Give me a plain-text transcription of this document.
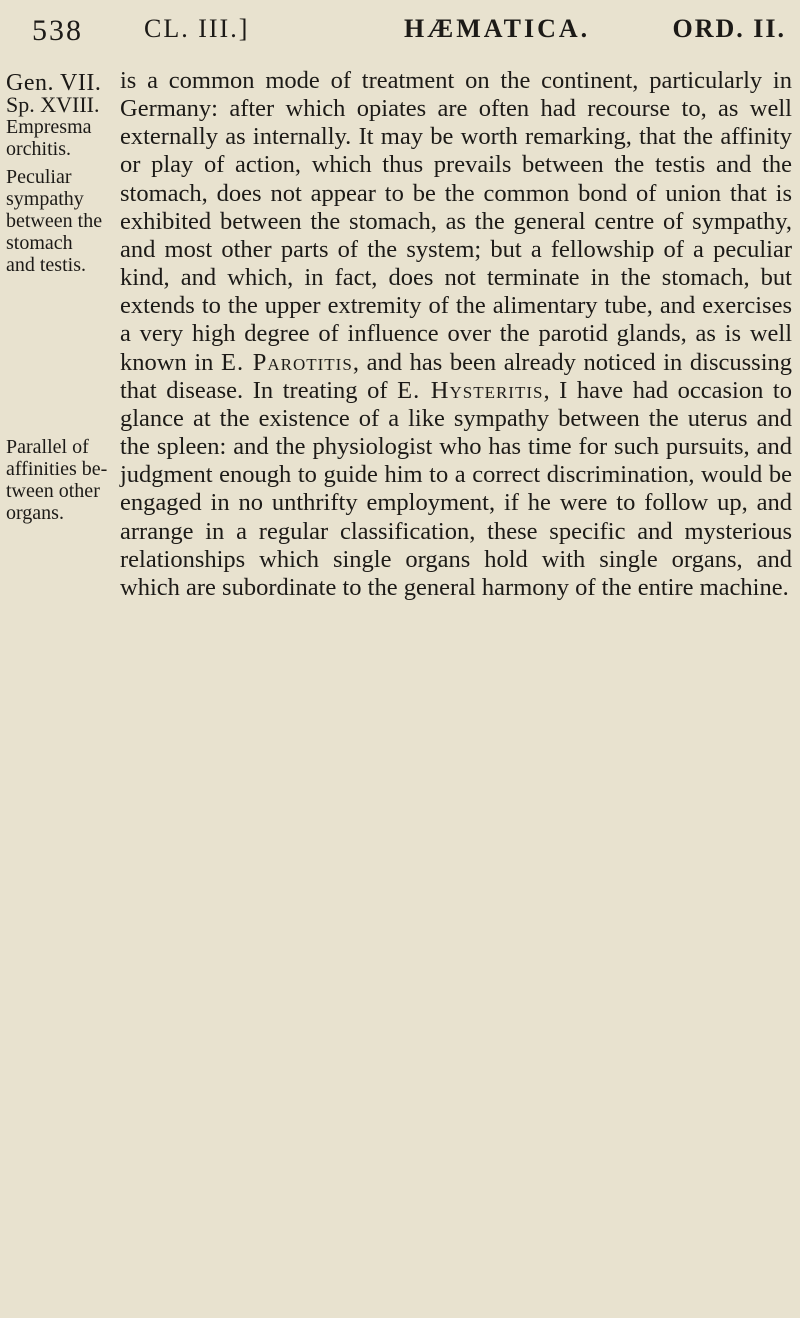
538 CL. III.]	HÆMATICA.	ORD. II.
Gen. VII.
Sp. XVIII.
Empresma
orchitis.
Peculiar
sympathy
between the
stomach
and testis.
Parallel of
affinities be-
tween other
organs.

is a common mode of treatment on the continent, particularly in Germany: after which opiates are often had recourse to, as well externally as internally. It may be worth remarking, that the affinity or play of action, which thus prevails between the testis and the stomach, does not appear to be the common bond of union that is exhibited between the stomach, as the general centre of sympathy, and most other parts of the system; but a fellowship of a peculiar kind, and which, in fact, does not terminate in the stomach, but extends to the upper extremity of the alimentary tube, and exercises a very high degree of influence over the parotid glands, as is well known in E. Parotitis, and has been already noticed in discussing that disease. In treating of E. Hysteritis, I have had occasion to glance at the existence of a like sympathy between the uterus and the spleen: and the physiologist who has time for such pursuits, and judgment enough to guide him to a correct discrimination, would be engaged in no unthrifty employment, if he were to follow up, and arrange in a regular classification, these specific and mysterious relationships which single organs hold with single organs, and which are subordinate to the general harmony of the entire machine.
